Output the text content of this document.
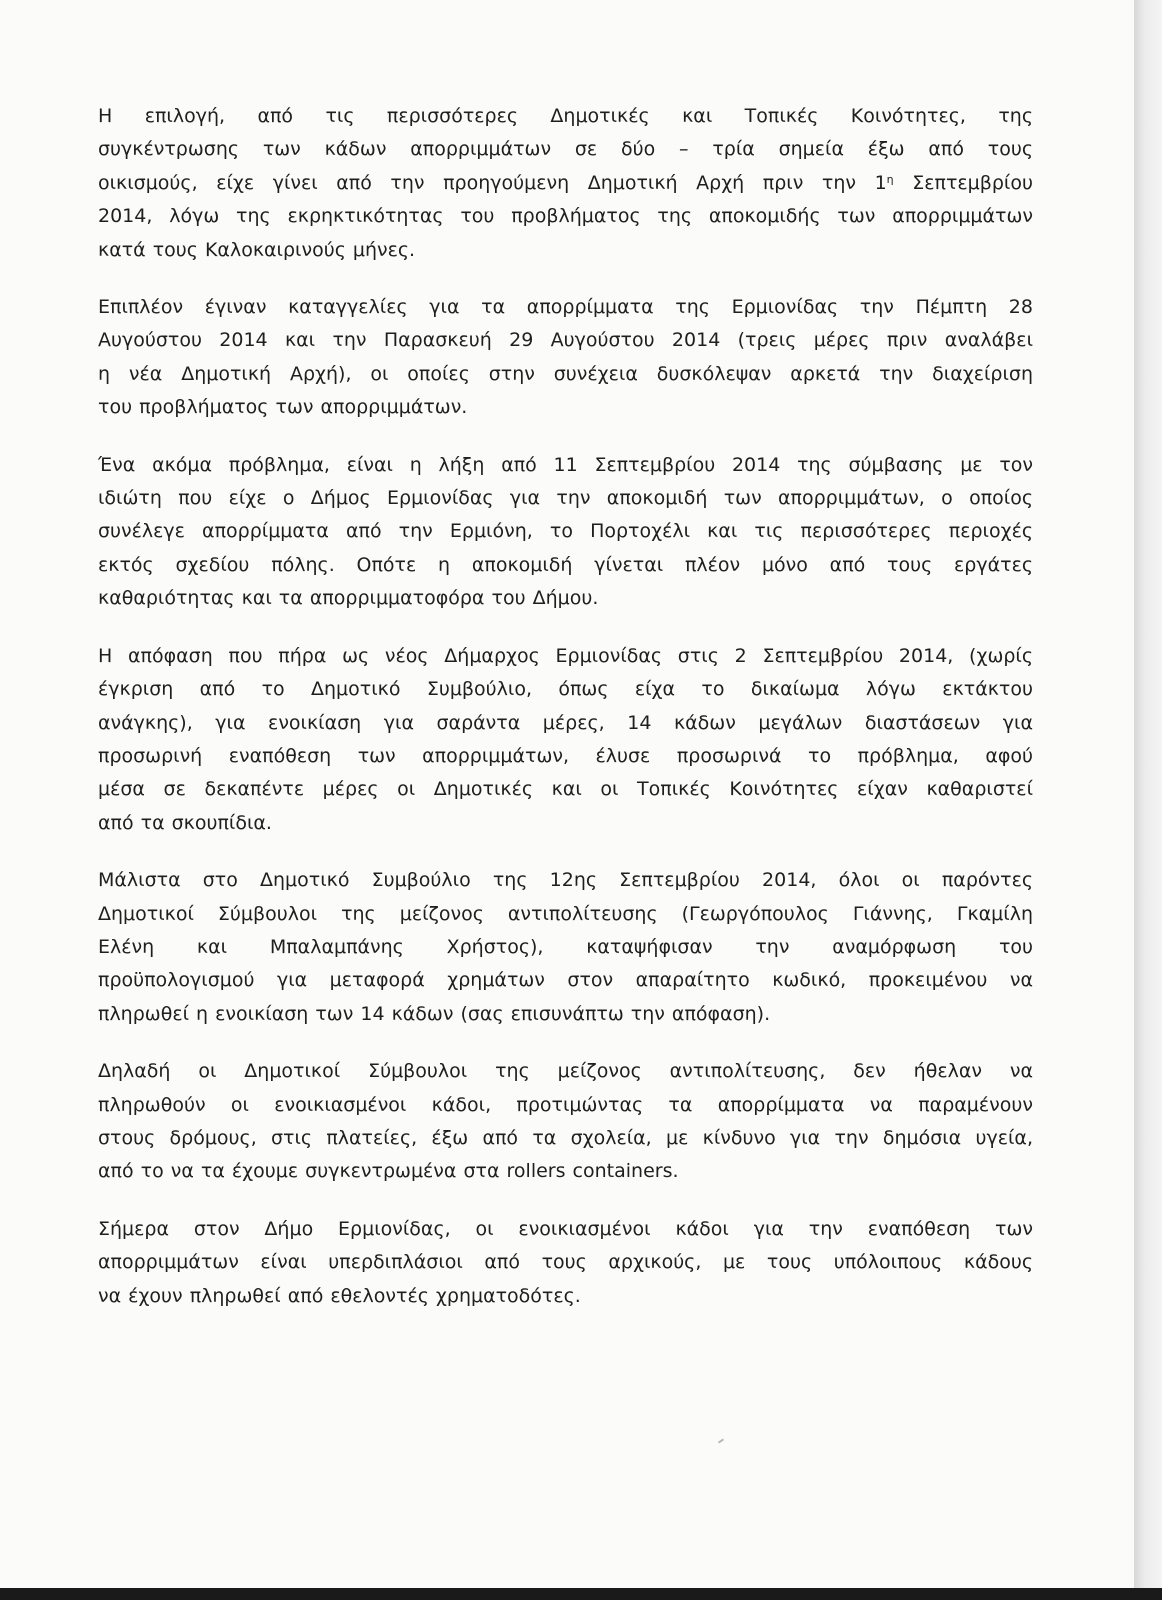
Η επιλογή, από τις περισσότερες Δημοτικές και Τοπικές Κοινότητες, της
συγκέντρωσης των κάδων απορριμμάτων σε δύο – τρία σημεία έξω από τους
οικισμούς, είχε γίνει από την προηγούμενη Δημοτική Αρχή πριν την $1^\eta$ Σεπτεμβρίου
2014, λόγω της εκρηκτικότητας του προβλήματος της αποκομιδής των απορριμμάτων
κατά τους Καλοκαιρινούς μήνες.

Επιπλέον έγιναν καταγγελίες για τα απορρίμματα της Ερμιονίδας την Πέμπτη 28
Αυγούστου 2014 και την Παρασκευή 29 Αυγούστου 2014 (τρεις μέρες πριν αναλάβει
η νέα Δημοτική Αρχή), οι οποίες στην συνέχεια δυσκόλεψαν αρκετά την διαχείριση
του προβλήματος των απορριμμάτων.

Ένα ακόμα πρόβλημα, είναι η λήξη από 11 Σεπτεμβρίου 2014 της σύμβασης με τον
ιδιώτη που είχε ο Δήμος Ερμιονίδας για την αποκομιδή των απορριμμάτων, ο οποίος
συνέλεγε απορρίμματα από την Ερμιόνη, το Πορτοχέλι και τις περισσότερες περιοχές
εκτός σχεδίου πόλης. Οπότε η αποκομιδή γίνεται πλέον μόνο από τους εργάτες
καθαριότητας και τα απορριμματοφόρα του Δήμου.

Η απόφαση που πήρα ως νέος Δήμαρχος Ερμιονίδας στις 2 Σεπτεμβρίου 2014, (χωρίς
έγκριση από το Δημοτικό Συμβούλιο, όπως είχα το δικαίωμα λόγω εκτάκτου
ανάγκης), για ενοικίαση για σαράντα μέρες, 14 κάδων μεγάλων διαστάσεων για
προσωρινή εναπόθεση των απορριμμάτων, έλυσε προσωρινά το πρόβλημα, αφού
μέσα σε δεκαπέντε μέρες οι Δημοτικές και οι Τοπικές Κοινότητες είχαν καθαριστεί
από τα σκουπίδια.

Μάλιστα στο Δημοτικό Συμβούλιο της 12ης Σεπτεμβρίου 2014, όλοι οι παρόντες
Δημοτικοί Σύμβουλοι της μείζονος αντιπολίτευσης (Γεωργόπουλος Γιάννης, Γκαμίλη
Ελένη και Μπαλαμπάνης Χρήστος), καταψήφισαν την αναμόρφωση του
προϋπολογισμού για μεταφορά χρημάτων στον απαραίτητο κωδικό, προκειμένου να
πληρωθεί η ενοικίαση των 14 κάδων (σας επισυνάπτω την απόφαση).

Δηλαδή οι Δημοτικοί Σύμβουλοι της μείζονος αντιπολίτευσης, δεν ήθελαν να
πληρωθούν οι ενοικιασμένοι κάδοι, προτιμώντας τα απορρίμματα να παραμένουν
στους δρόμους, στις πλατείες, έξω από τα σχολεία, με κίνδυνο για την δημόσια υγεία,
από το να τα έχουμε συγκεντρωμένα στα rollers containers.

Σήμερα στον Δήμο Ερμιονίδας, οι ενοικιασμένοι κάδοι για την εναπόθεση των
απορριμμάτων είναι υπερδιπλάσιοι από τους αρχικούς, με τους υπόλοιπους κάδους
να έχουν πληρωθεί από εθελοντές χρηματοδότες.
